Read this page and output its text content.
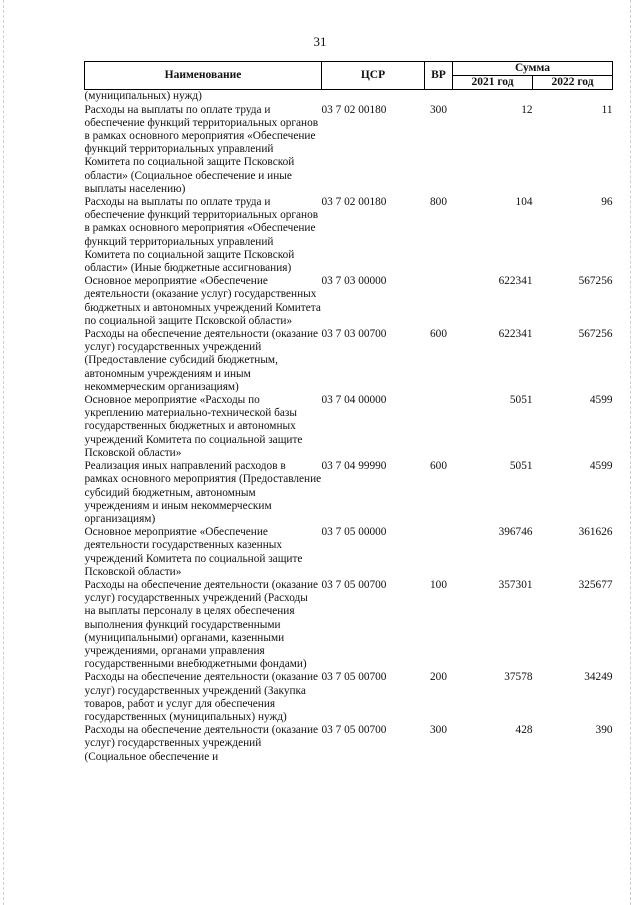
31
Наименование	ЦСР	ВР	Сумма	
			2021 год	2022 год
(муниципальных) нужд)				
Расходы на выплаты по оплате труда и обеспечение функций территориальных органов в рамках основного мероприятия «Обеспечение функций территориальных управлений Комитета по социальной защите Псковской области» (Социальное обеспечение и иные выплаты населению)	03 7 02 00180	300	12	11
Расходы на выплаты по оплате труда и обеспечение функций территориальных органов в рамках основного мероприятия «Обеспечение функций территориальных управлений Комитета по социальной защите Псковской области» (Иные бюджетные ассигнования)	03 7 02 00180	800	104	96
Основное мероприятие «Обеспечение деятельности (оказание услуг) государственных бюджетных и автономных учреждений Комитета по социальной защите Псковской области»	03 7 03 00000		622341	567256
Расходы на обеспечение деятельности (оказание услуг) государственных учреждений (Предоставление субсидий бюджетным, автономным учреждениям и иным некоммерческим организациям)	03 7 03 00700	600	622341	567256
Основное мероприятие «Расходы по укреплению материально-технической базы государственных бюджетных и автономных учреждений Комитета по социальной защите Псковской области»	03 7 04 00000		5051	4599
Реализация иных направлений расходов в рамках основного мероприятия (Предоставление субсидий бюджетным, автономным учреждениям и иным некоммерческим организациям)	03 7 04 99990	600	5051	4599
Основное мероприятие «Обеспечение деятельности государственных казенных учреждений Комитета по социальной защите Псковской области»	03 7 05 00000		396746	361626
Расходы на обеспечение деятельности (оказание услуг) государственных учреждений (Расходы на выплаты персоналу в целях обеспечения выполнения функций государственными (муниципальными) органами, казенными учреждениями, органами управления государственными внебюджетными фондами)	03 7 05 00700	100	357301	325677
Расходы на обеспечение деятельности (оказание услуг) государственных учреждений (Закупка товаров, работ и услуг для обеспечения государственных (муниципальных) нужд)	03 7 05 00700	200	37578	34249
Расходы на обеспечение деятельности (оказание услуг) государственных учреждений (Социальное обеспечение и	03 7 05 00700	300	428	390
